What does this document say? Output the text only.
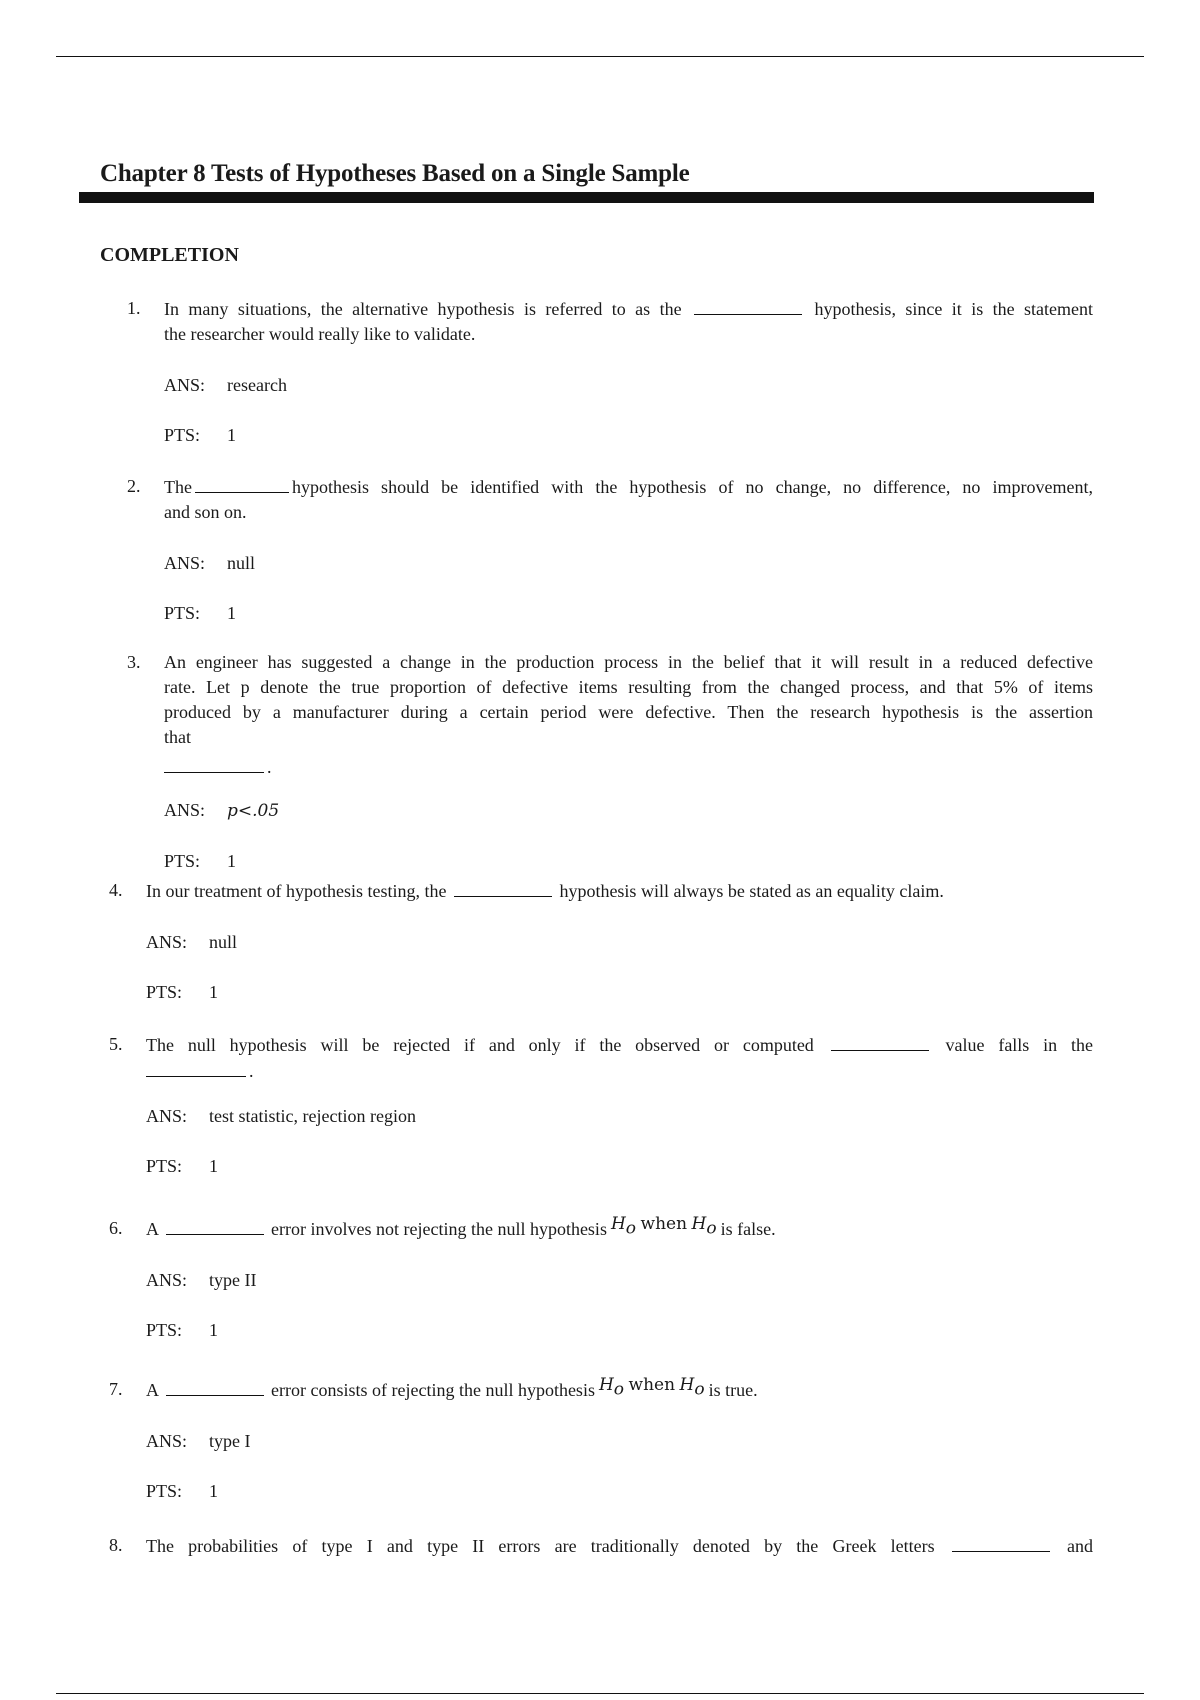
Chapter 8 Tests of Hypotheses Based on a Single Sample
COMPLETION
1. In many situations, the alternative hypothesis is referred to as the	hypothesis, since it is the statement
the researcher would really like to validate.
ANS: research
PTS: 1
2. The	hypothesis should be identified with the hypothesis of no change, no difference, no improvement,
and son on.
ANS: null
PTS: 1
3. An engineer has suggested a change in the production process in the belief that it will result in a reduced defective
rate. Let p denote the true proportion of defective items resulting from the changed process, and that 5% of items
produced by a manufacturer during a certain period were defective. Then the research hypothesis is the assertion
that
.
ANS: p<.05
PTS: 1
4. In our treatment of hypothesis testing, the	hypothesis will always be stated as an equality claim.
ANS: null
PTS: 1
5. The null hypothesis will be rejected if and only if the observed or computed	value falls in the
.
ANS: test statistic, rejection region
PTS: 1
6. A	error involves not rejecting the null hypothesis $H_o$ when $H_o$ is false.
ANS: type II
PTS: 1
7. A	error consists of rejecting the null hypothesis $H_o$ when $H_o$ is true.
ANS: type I
PTS: 1
8. The probabilities of type I and type II errors are traditionally denoted by the Greek letters	and
